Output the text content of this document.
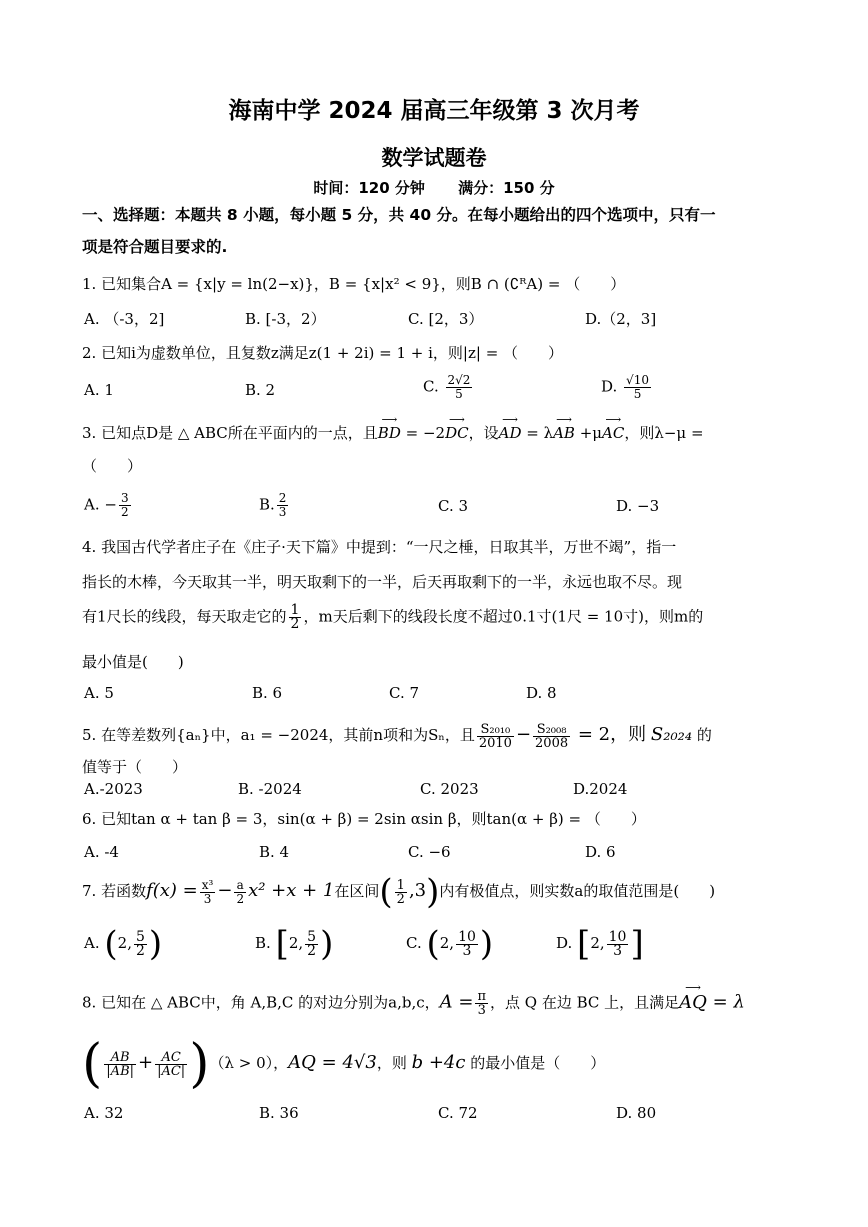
海南中学 2024 届高三年级第 3 次月考
数学试题卷
时间：120 分钟 满分：150 分
一、选择题：本题共 8 小题，每小题 5 分，共 40 分。在每小题给出的四个选项中，只有一
项是符合题目要求的.
1. 已知集合A = {x|y = ln(2−x)}，B = {x|x² < 9}，则B ∩ (∁ᴿA) = （　　）
A. （-3，2]	B. [-3，2）	C. [2，3）	D.（2，3]
2. 已知i为虚数单位，且复数z满足z(1 + 2i) = 1 + i，则|z| = （　　）
A. 1	B. 2	C. $\frac{2√2}{5}$	D. $\frac{√10}{5}$
3. 已知点D是 △ ABC所在平面内的一点，且⟶ BD = −2⟶ DC，设⟶ AD = λ⟶ AB +μ⟶ AC，则λ−μ =
（　　）
A. − $\frac{3}{2}$	B. $\frac{2}{3}$	C. 3	D. −3
4. 我国古代学者庄子在《庄子·天下篇》中提到：“一尺之棰，日取其半，万世不竭”，指一
指长的木棒，今天取其一半，明天取剩下的一半，后天再取剩下的一半，永远也取不尽。现
有1尺长的线段，每天取走它的 $\frac{1}{2}$ ，m天后剩下的线段长度不超过0.1寸(1尺 = 10寸)，则m的
最小值是(　　)
A. 5	B. 6	C. 7	D. 8
5. 在等差数列{aₙ}中，a₁ = −2024，其前n项和为Sₙ，且 $\frac{\text{S₂₀₁₀}}{2010} - \frac{\text{S₂₀₀₈}}{2008} = 2$，则 S₂₀₂₄ 的
值等于（　　）
A.-2023	B. -2024	C. 2023	D.2024
6. 已知tan α + tan β = 3，sin(α + β) = 2sin αsin β，则tan(α + β) = （　　）
A. -4	B. 4	C. −6	D. 6
7. 若函数$f(x) = \frac{\text{x³}}{3} - \frac{a}{2} x^2 +x + 1$在区间( $\frac{1}{2} ,3$)内有极值点，则实数a的取值范围是(　　)
A. (2, $\frac{5}{2}$ )	B. [2, $\frac{5}{2}$ )	C. (2, $\frac{10}{3}$ )	D. [2, $\frac{10}{3}$ ]
8. 已知在 △ ABC中，角 A,B,C 的对边分别为a,b,c，$A = \frac{\pi}{3}$ ，点 Q 在边 BC 上，且满足⟶ AQ = λ
( $\frac{AB}{|AB|} + \frac{AC}{|AC|} )(\lambda > 0)$，AQ = 4√3，则 b +4c 的最小值是（　　）
A. 32	B. 36	C. 72	D. 80
